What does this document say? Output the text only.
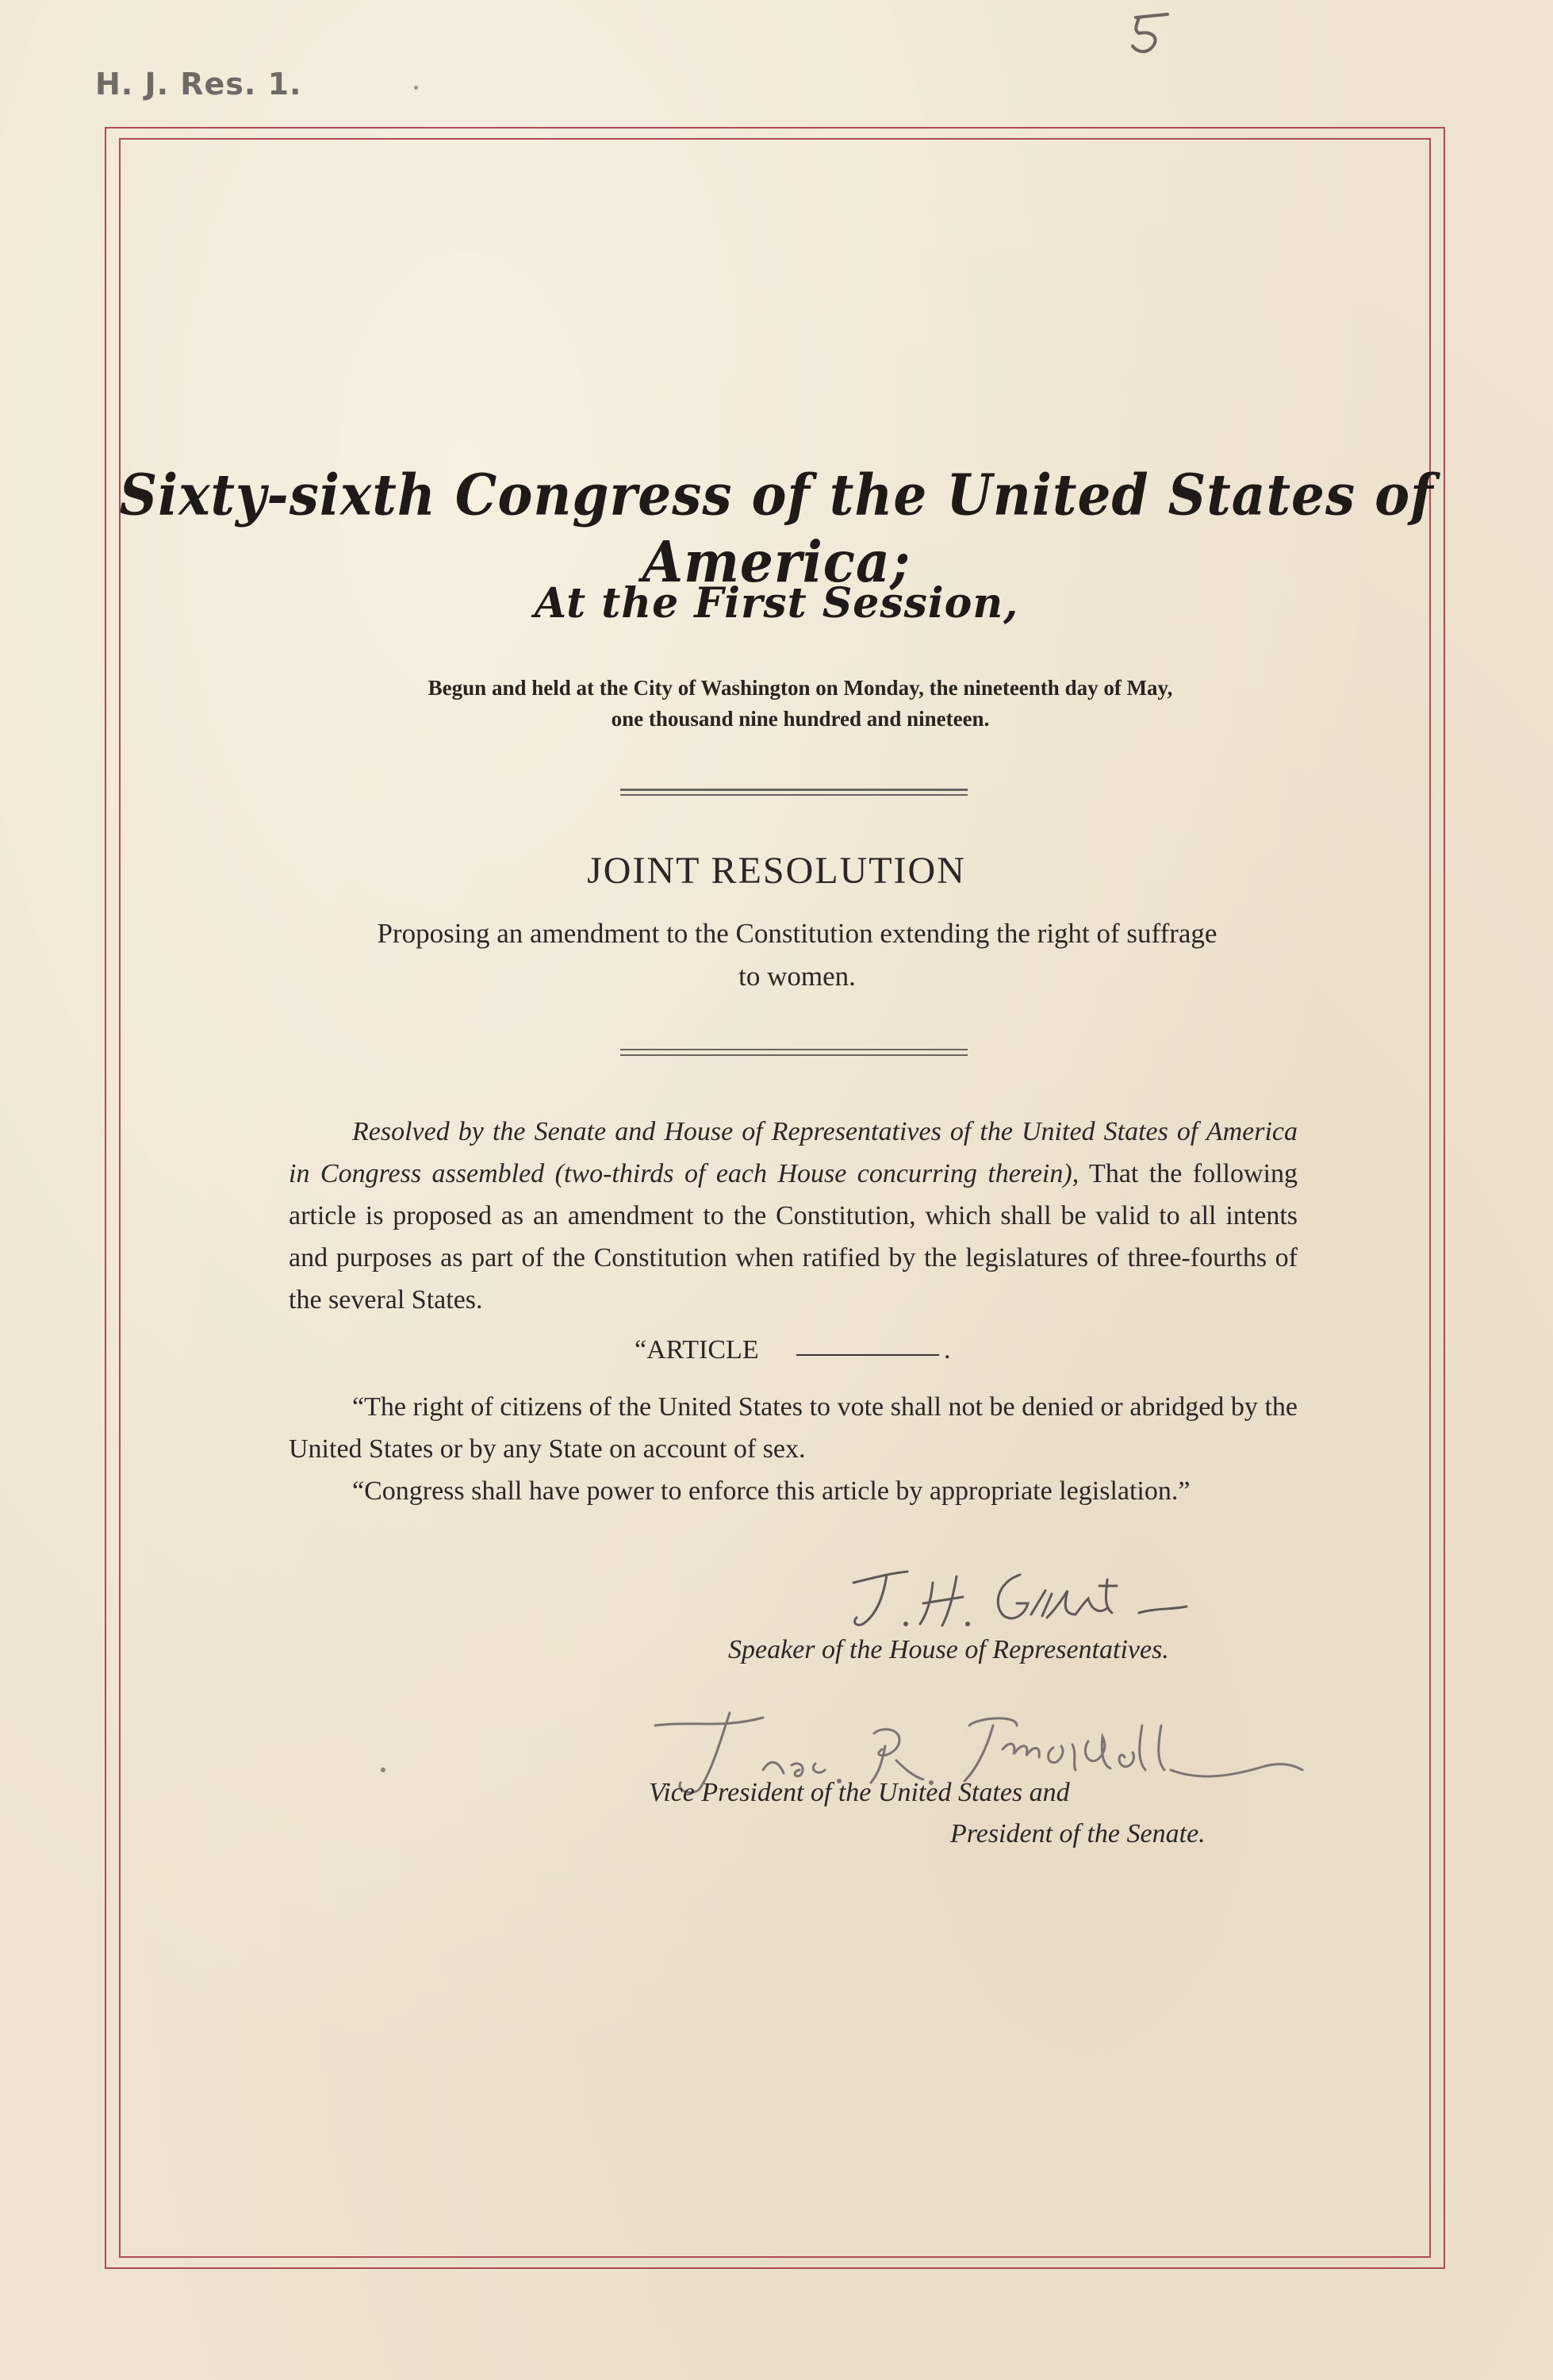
H. J. Res. 1.
Sixty-sixth Congress of the United States of America;
At the First Session,
Begun and held at the City of Washington on Monday, the nineteenth day of May,
one thousand nine hundred and nineteen.
JOINT RESOLUTION
Proposing an amendment to the Constitution extending the right of suffrage
to women.
Resolved by the Senate and House of Representatives of the United States of America in Congress assembled (two-thirds of each House concurring therein), That the following article is proposed as an amendment to the Constitution, which shall be valid to all intents and purposes as part of the Constitution when ratified by the legislatures of three-fourths of the several States.
“ARTICLE	.
“The right of citizens of the United States to vote shall not be denied or abridged by the United States or by any State on account of sex.
“Congress shall have power to enforce this article by appropriate legislation.”
Speaker of the House of Representatives.
Vice President of the United States and
President of the Senate.
